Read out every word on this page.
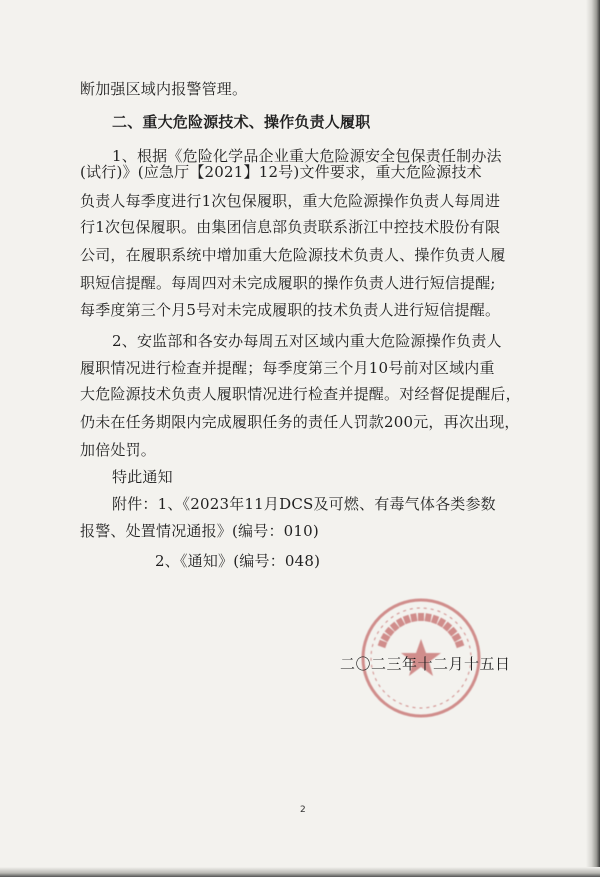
断加强区域内报警管理。
二、重大危险源技术、操作负责人履职
1、根据《危险化学品企业重大危险源安全包保责任制办法
(试行)》(应急厅【2021】12号)文件要求，重大危险源技术
负责人每季度进行1次包保履职，重大危险源操作负责人每周进
行1次包保履职。由集团信息部负责联系浙江中控技术股份有限
公司，在履职系统中增加重大危险源技术负责人、操作负责人履
职短信提醒。每周四对未完成履职的操作负责人进行短信提醒;
每季度第三个月5号对未完成履职的技术负责人进行短信提醒。
2、安监部和各安办每周五对区域内重大危险源操作负责人
履职情况进行检查并提醒；每季度第三个月10号前对区域内重
大危险源技术负责人履职情况进行检查并提醒。对经督促提醒后，
仍未在任务期限内完成履职任务的责任人罚款200元，再次出现，
加倍处罚。
特此通知
附件：1、《2023年11月DCS及可燃、有毒气体各类参数
报警、处置情况通报》(编号：010)
2、《通知》(编号：048)
二〇二三年十二月十五日
2
